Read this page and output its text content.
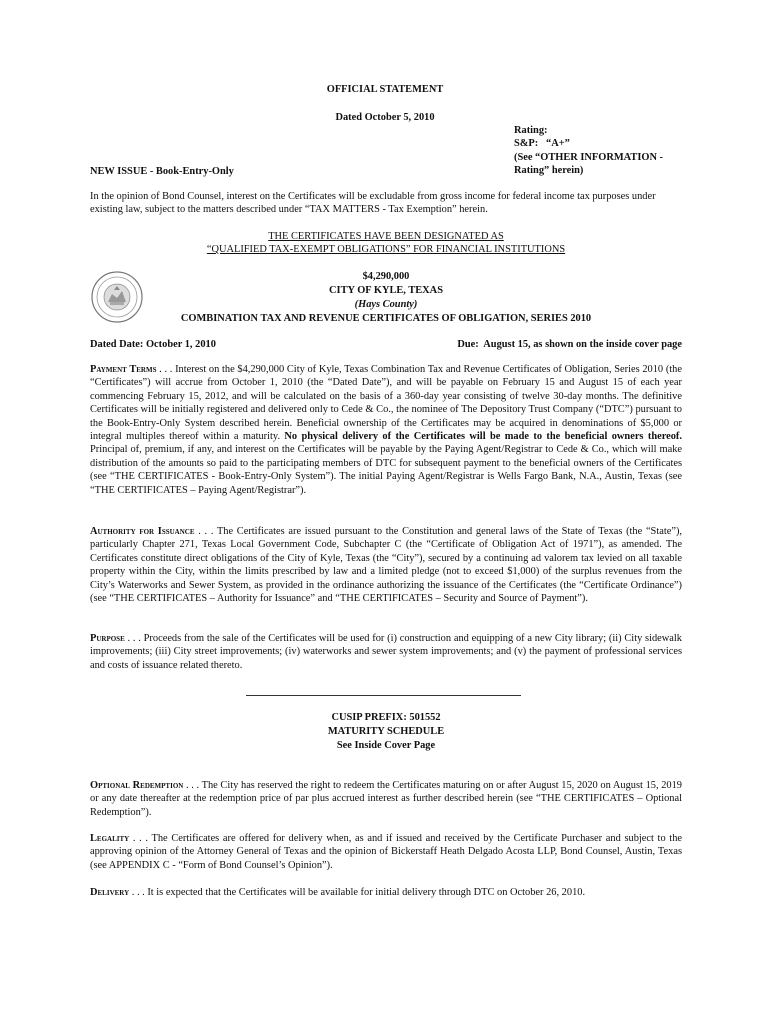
OFFICIAL STATEMENT
Dated October 5, 2010
Rating:
S&P:   “A+”
(See “OTHER INFORMATION -
Rating” herein)
NEW ISSUE - Book-Entry-Only
In the opinion of Bond Counsel, interest on the Certificates will be excludable from gross income for federal income tax purposes under existing law, subject to the matters described under “TAX MATTERS - Tax Exemption” herein.
THE CERTIFICATES HAVE BEEN DESIGNATED AS
“QUALIFIED TAX-EXEMPT OBLIGATIONS” FOR FINANCIAL INSTITUTIONS
$4,290,000
CITY OF KYLE, TEXAS
(Hays County)
COMBINATION TAX AND REVENUE CERTIFICATES OF OBLIGATION, SERIES 2010
Dated Date: October 1, 2010	Due:  August 15, as shown on the inside cover page
Payment Terms . . . Interest on the $4,290,000 City of Kyle, Texas Combination Tax and Revenue Certificates of Obligation, Series 2010 (the “Certificates”) will accrue from October 1, 2010 (the “Dated Date”), and will be payable on February 15 and August 15 of each year commencing February 15, 2012, and will be calculated on the basis of a 360-day year consisting of twelve 30-day months. The definitive Certificates will be initially registered and delivered only to Cede & Co., the nominee of The Depository Trust Company (“DTC”) pursuant to the Book-Entry-Only System described herein. Beneficial ownership of the Certificates may be acquired in denominations of $5,000 or integral multiples thereof within a maturity. No physical delivery of the Certificates will be made to the beneficial owners thereof. Principal of, premium, if any, and interest on the Certificates will be payable by the Paying Agent/Registrar to Cede & Co., which will make distribution of the amounts so paid to the participating members of DTC for subsequent payment to the beneficial owners of the Certificates (see “THE CERTIFICATES - Book-Entry-Only System”). The initial Paying Agent/Registrar is Wells Fargo Bank, N.A., Austin, Texas (see “THE CERTIFICATES – Paying Agent/Registrar”).
Authority for Issuance . . . The Certificates are issued pursuant to the Constitution and general laws of the State of Texas (the “State”), particularly Chapter 271, Texas Local Government Code, Subchapter C (the “Certificate of Obligation Act of 1971”), as amended. The Certificates constitute direct obligations of the City of Kyle, Texas (the “City”), secured by a continuing ad valorem tax levied on all taxable property within the City, within the limits prescribed by law and a limited pledge (not to exceed $1,000) of the surplus revenues from the City’s Waterworks and Sewer System, as provided in the ordinance authorizing the issuance of the Certificates (the “Certificate Ordinance”) (see “THE CERTIFICATES – Authority for Issuance” and “THE CERTIFICATES – Security and Source of Payment”).
Purpose . . . Proceeds from the sale of the Certificates will be used for (i) construction and equipping of a new City library; (ii) City sidewalk improvements; (iii) City street improvements; (iv) waterworks and sewer system improvements; and (v) the payment of professional services and costs of issuance related thereto.
CUSIP PREFIX: 501552
MATURITY SCHEDULE
See Inside Cover Page
Optional Redemption . . . The City has reserved the right to redeem the Certificates maturing on or after August 15, 2020 on August 15, 2019 or any date thereafter at the redemption price of par plus accrued interest as further described herein (see “THE CERTIFICATES – Optional Redemption”).
Legality . . . The Certificates are offered for delivery when, as and if issued and received by the Certificate Purchaser and subject to the approving opinion of the Attorney General of Texas and the opinion of Bickerstaff Heath Delgado Acosta LLP, Bond Counsel, Austin, Texas (see APPENDIX C - “Form of Bond Counsel’s Opinion”).
Delivery . . . It is expected that the Certificates will be available for initial delivery through DTC on October 26, 2010.
